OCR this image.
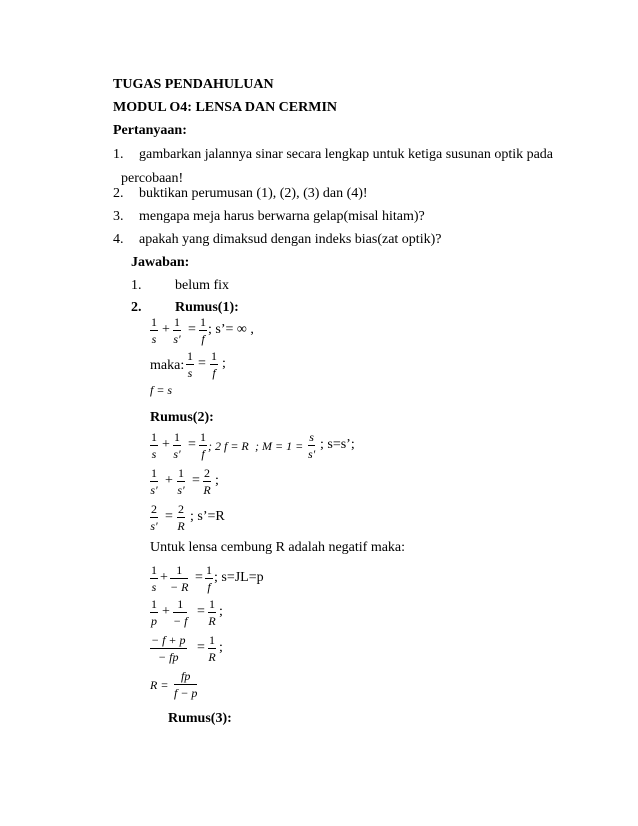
TUGAS PENDAHULUAN
MODUL O4: LENSA DAN CERMIN
Pertanyaan:
1. gambarkan jalannya sinar secara lengkap untuk ketiga susunan optik pada
percobaan!
2. buktikan perumusan (1), (2), (3) dan (4)!
3. mengapa meja harus berwarna gelap(misal hitam)?
4. apakah yang dimaksud dengan indeks bias(zat optik)?
Jawaban:
1. belum fix
2. Rumus(1):
$\frac{1}{s} + \frac{1}{s'} = \frac{1}{f}$ ; s’= ∞ ,
maka: $\frac{1}{s} = \frac{1}{f}$ ;
f = s
Rumus(2):
$\frac{1}{s} + \frac{1}{s'} = \frac{1}{f}$ ; 2 f = R ; $M = 1 = \frac{s}{s'}$ ; s=s’;
$\frac{1}{s'} + \frac{1}{s'} = \frac{2}{R}$ ;
$\frac{2}{s'} = \frac{2}{R}$ ; s’=R
Untuk lensa cembung R adalah negatif maka:
$\frac{1}{s} + \frac{1}{- R} = \frac{1}{f}$ ; s=JL=p
$\frac{1}{p} + \frac{1}{- f} = \frac{1}{R}$ ;
$\frac{- f + p}{- fp} = \frac{1}{R}$ ;
$R = \frac{fp}{f - p}$
Rumus(3):
